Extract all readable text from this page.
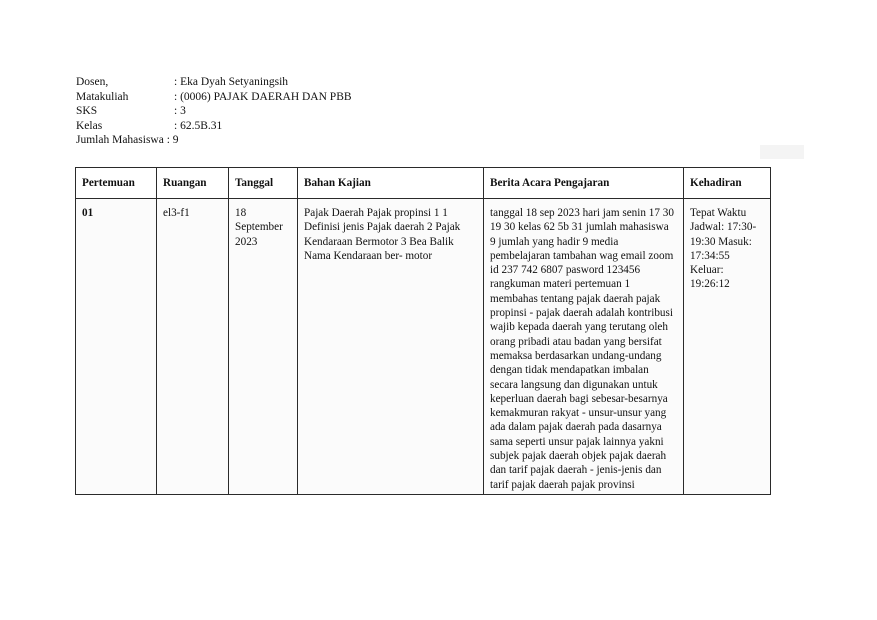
Dosen,	: Eka Dyah Setyaningsih
Matakuliah	: (0006) PAJAK DAERAH DAN PBB
SKS	: 3
Kelas	: 62.5B.31
Jumlah Mahasiswa : 9
Pertemuan	Ruangan	Tanggal	Bahan Kajian	Berita Acara Pengajaran	Kehadiran
01	el3-f1	18 September 2023	Pajak Daerah Pajak propinsi 1 1 Definisi jenis Pajak daerah 2 Pajak Kendaraan Bermotor 3 Bea Balik Nama Kendaraan ber- motor	tanggal 18 sep 2023 hari jam senin 17 30 19 30 kelas 62 5b 31 jumlah mahasiswa 9 jumlah yang hadir 9 media pembelajaran tambahan wag email zoom id 237 742 6807 pasword 123456 rangkuman materi pertemuan 1 membahas tentang pajak daerah pajak propinsi - pajak daerah adalah kontribusi wajib kepada daerah yang terutang oleh orang pribadi atau badan yang bersifat memaksa berdasarkan undang-undang dengan tidak mendapatkan imbalan secara langsung dan digunakan untuk keperluan daerah bagi sebesar-besarnya kemakmuran rakyat - unsur-unsur yang ada dalam pajak daerah pada dasarnya sama seperti unsur pajak lainnya yakni subjek pajak daerah objek pajak daerah dan tarif pajak daerah - jenis-jenis dan tarif pajak daerah pajak provinsi	Tepat Waktu Jadwal: 17:30-19:30 Masuk: 17:34:55 Keluar: 19:26:12
